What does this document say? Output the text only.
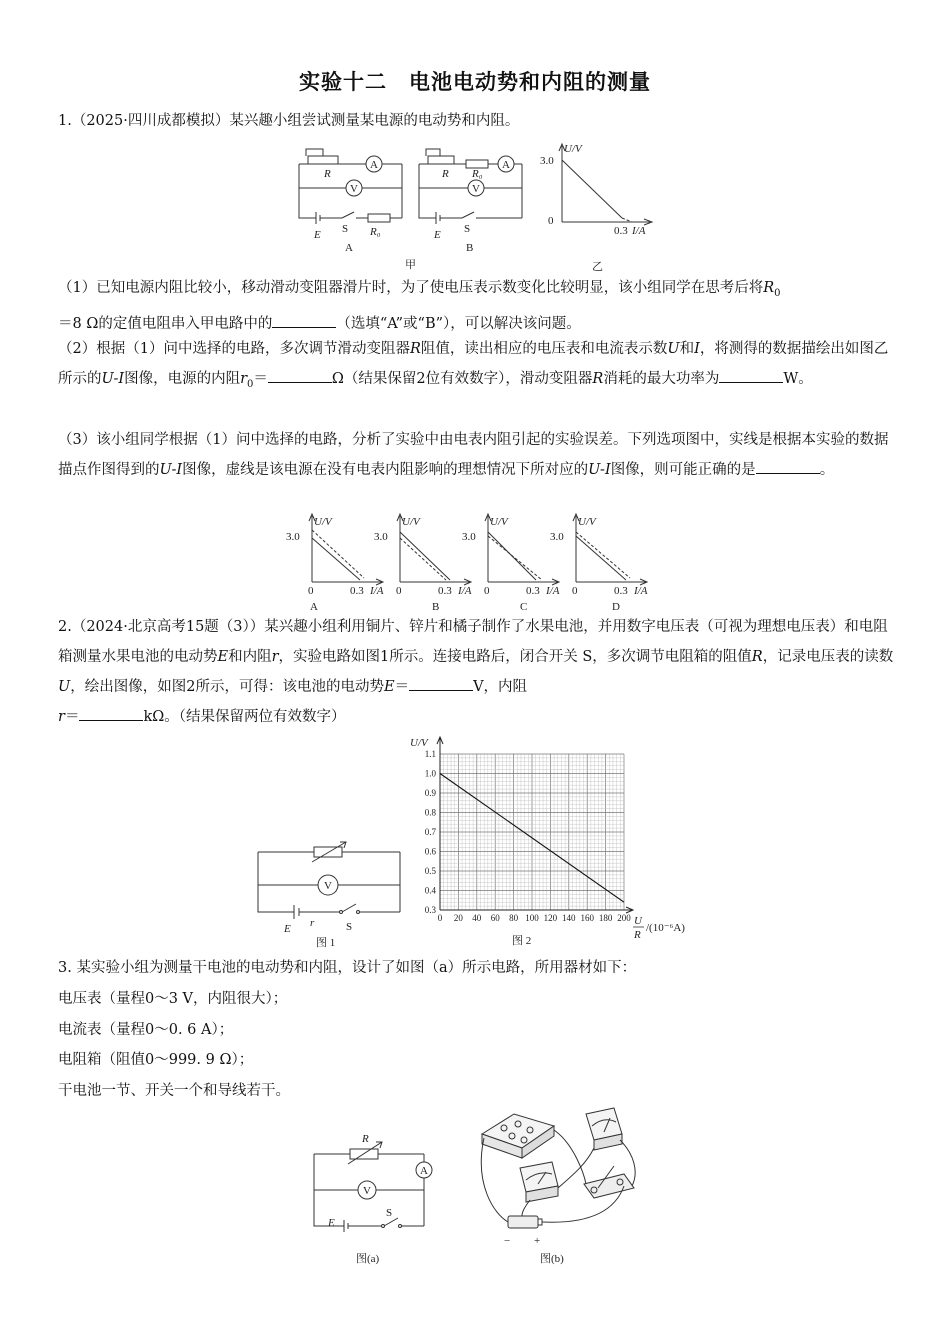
实验十二　电池电动势和内阻的测量
1.（2025·四川成都模拟）某兴趣小组尝试测量某电源的电动势和内阻。
R
A
V
E S R₀
A
R R₀
A
V
E S
B
甲
U/V
3.0
0
0.3 I/A
乙
（1）已知电源内阻比较小，移动滑动变阻器滑片时，为了使电压表示数变化比较明显，该小组同学在思考后将$R_0$
＝8 Ω的定值电阻串入甲电路中的	（选填“A”或“B”），可以解决该问题。
（2）根据（1）问中选择的电路，多次调节滑动变阻器R阻值，读出相应的电压表和电流表示数U和I，将测得的数据描绘出如图乙所示的U-I图像，电源的内阻$r_0=$	Ω（结果保留2位有效数字），滑动变阻器R消耗的最大功率为	W。
（3）该小组同学根据（1）问中选择的电路，分析了实验中由电表内阻引起的实验误差。下列选项图中，实线是根据本实验的数据描点作图得到的U-I图像，虚线是该电源在没有电表内阻影响的理想情况下所对应的U-I图像，则可能正确的是	。
U/V
3.0
0	0.3 I/A
A
U/V
3.0
0	0.3 I/A
B
U/V
3.0
0	0.3 I/A
C
U/V
3.0
0	0.3 I/A
D
2.（2024·北京高考15题（3））某兴趣小组利用铜片、锌片和橘子制作了水果电池，并用数字电压表（可视为理想电压表）和电阻箱测量水果电池的电动势E和内阻r，实验电路如图1所示。连接电路后，闭合开关 S，多次调节电阻箱的阻值R，记录电压表的读数U，绘出图像，如图2所示，可得：该电池的电动势E＝	V，内阻
r＝	kΩ。（结果保留两位有效数字）
V
E r	S
图 1
0 20 40 60 80 100 120 140 160 180 200
0.3
0.4
0.5
0.6
0.7
0.8
0.9
1.0
1.1
U/V
U
R
/(10⁻⁶A)
图 2
3. 某实验小组为测量干电池的电动势和内阻，设计了如图（a）所示电路，所用器材如下：
电压表（量程0～3 V，内阻很大）；
电流表（量程0～0. 6 A）；
电阻箱（阻值0～999. 9 Ω）；
干电池一节、开关一个和导线若干。
R
A
V
E
S
图(a)
− +
图(b)
